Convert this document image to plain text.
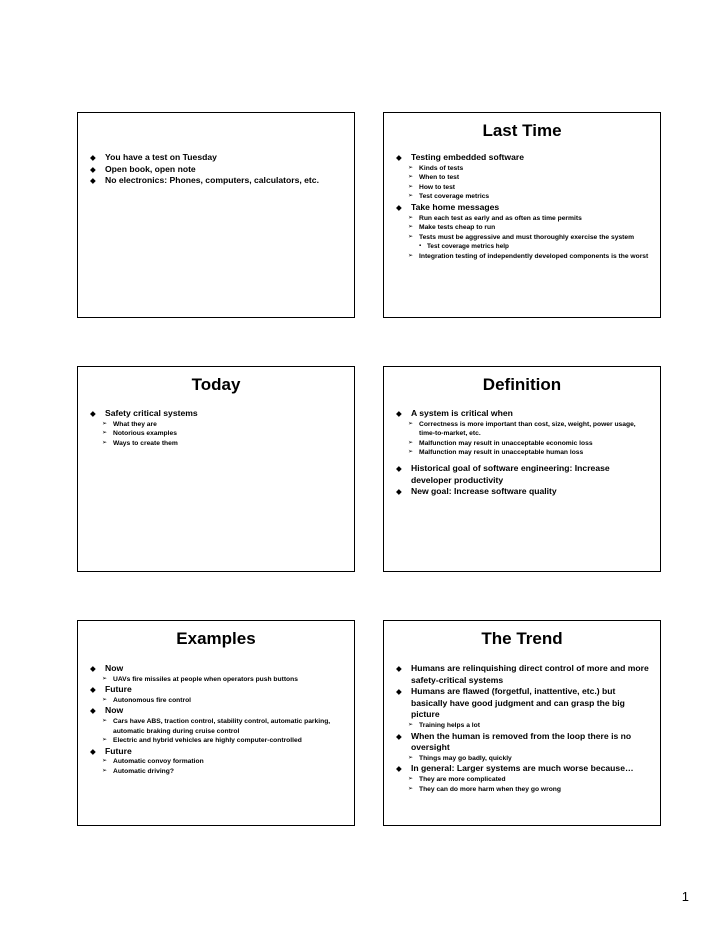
◆ You have a test on Tuesday
◆ Open book, open note
◆ No electronics: Phones, computers, calculators, etc.
Last Time
◆ Testing embedded software
➢ Kinds of tests
➢ When to test
➢ How to test
➢ Test coverage metrics
◆ Take home messages
➢ Run each test as early and as often as time permits
➢ Make tests cheap to run
➢ Tests must be aggressive and must thoroughly exercise the system
▪ Test coverage metrics help
➢ Integration testing of independently developed components is the worst
Today
◆ Safety critical systems
➢ What they are
➢ Notorious examples
➢ Ways to create them
Definition
◆ A system is critical when
➢ Correctness is more important than cost, size, weight, power usage, time-to-market, etc.
➢ Malfunction may result in unacceptable economic loss
➢ Malfunction may result in unacceptable human loss
◆ Historical goal of software engineering: Increase developer productivity
◆ New goal: Increase software quality
Examples
◆ Now
➢ UAVs fire missiles at people when operators push buttons
◆ Future
➢ Autonomous fire control
◆ Now
➢ Cars have ABS, traction control, stability control, automatic parking, automatic braking during cruise control
➢ Electric and hybrid vehicles are highly computer-controlled
◆ Future
➢ Automatic convoy formation
➢ Automatic driving?
The Trend
◆ Humans are relinquishing direct control of more and more safety-critical systems
◆ Humans are flawed (forgetful, inattentive, etc.) but basically have good judgment and can grasp the big picture
➢ Training helps a lot
◆ When the human is removed from the loop there is no oversight
➢ Things may go badly, quickly
◆ In general: Larger systems are much worse because…
➢ They are more complicated
➢ They can do more harm when they go wrong
1
